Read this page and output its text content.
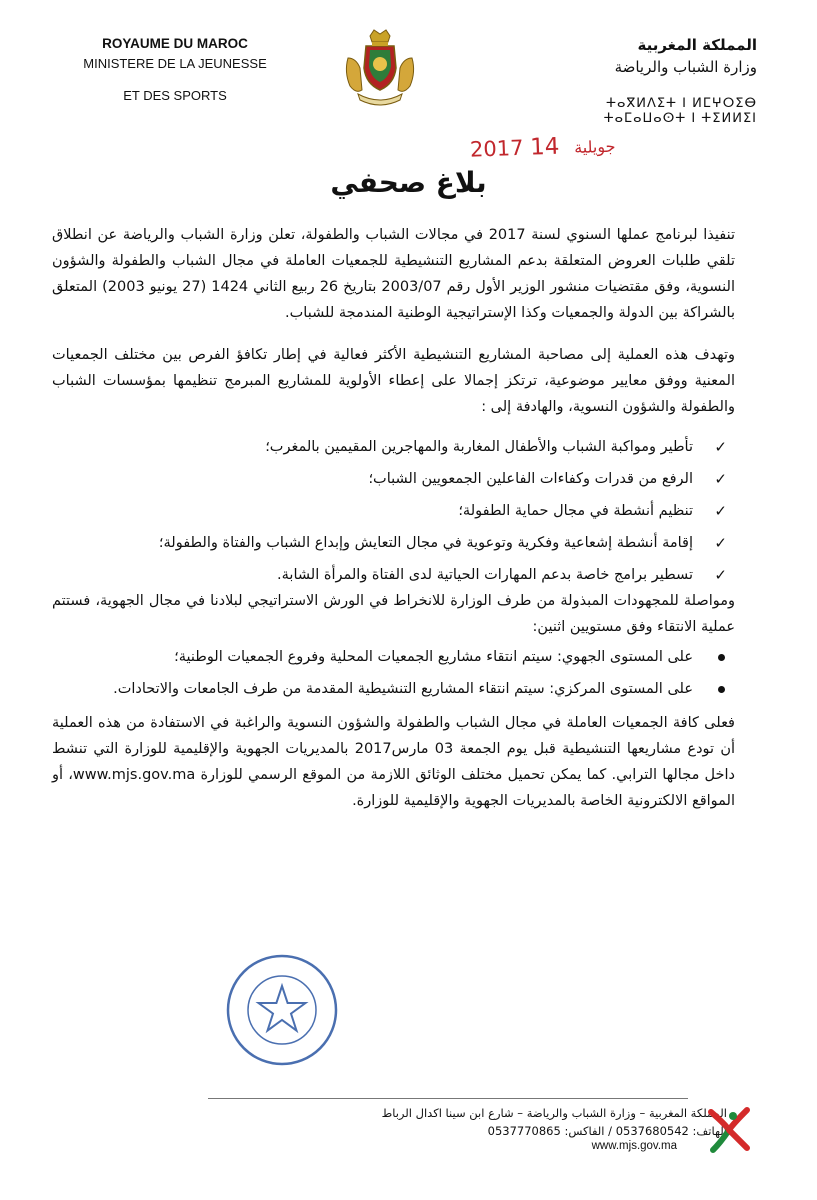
ROYAUME DU MAROC
MINISTERE DE LA JEUNESSE
ET DES SPORTS
المملكة المغربية
وزارة الشباب والرياضة
ⵜⴰⴳⵍⴷⵉⵜ ⵏ ⵍⵎⵖⵔⵉⴱ ⵜⴰⵎⴰⵡⴰⵙⵜ ⵏ ⵜⵉⵍⵍⵉⵏ
2017	جويلية 14
بلاغ صحفي

تنفيذا لبرنامج عملها السنوي لسنة 2017 في مجالات الشباب والطفولة، تعلن وزارة الشباب والرياضة عن انطلاق تلقي طلبات العروض المتعلقة بدعم المشاريع التنشيطية للجمعيات العاملة في مجال الشباب والطفولة والشؤون النسوية، وفق مقتضيات منشور الوزير الأول رقم 2003/07 بتاريخ 26 ربيع الثاني 1424 (27 يونيو 2003) المتعلق بالشراكة بين الدولة والجمعيات وكذا الإستراتيجية الوطنية المندمجة للشباب.

وتهدف هذه العملية إلى مصاحبة المشاريع التنشيطية الأكثر فعالية في إطار تكافؤ الفرص بين مختلف الجمعيات المعنية ووفق معايير موضوعية، ترتكز إجمالا على إعطاء الأولوية للمشاريع المبرمج تنظيمها بمؤسسات الشباب والطفولة والشؤون النسوية، والهادفة إلى :

✓
تأطير ومواكبة الشباب والأطفال المغاربة والمهاجرين المقيمين بالمغرب؛
✓
الرفع من قدرات وكفاءات الفاعلين الجمعويين الشباب؛
✓
تنظيم أنشطة في مجال حماية الطفولة؛
✓
إقامة أنشطة إشعاعية وفكرية وتوعوية في مجال التعايش وإبداع الشباب والفتاة والطفولة؛
✓
تسطير برامج خاصة بدعم المهارات الحياتية لدى الفتاة والمرأة الشابة.

ومواصلة للمجهودات المبذولة من طرف الوزارة للانخراط في الورش الاستراتيجي لبلادنا في مجال الجهوية، فستتم عملية الانتقاء وفق مستويين اثنين:

على المستوى الجهوي: سيتم انتقاء مشاريع الجمعيات المحلية وفروع الجمعيات الوطنية؛
على المستوى المركزي: سيتم انتقاء المشاريع التنشيطية المقدمة من طرف الجامعات والاتحادات.

فعلى كافة الجمعيات العاملة في مجال الشباب والطفولة والشؤون النسوية والراغبة في الاستفادة من هذه العملية أن تودع مشاريعها التنشيطية قبل يوم الجمعة 03 مارس2017 بالمديريات الجهوية والإقليمية للوزارة التي تنشط داخل مجالها الترابي. كما يمكن تحميل مختلف الوثائق اللازمة من الموقع الرسمي للوزارة www.mjs.gov.ma، أو المواقع الالكترونية الخاصة بالمديريات الجهوية والإقليمية للوزارة.

المملكة المغربية – وزارة الشباب والرياضة – شارع ابن سينا اكدال الرباط
الهاتف: 0537680542 / الفاكس: 0537770865
www.mjs.gov.ma
